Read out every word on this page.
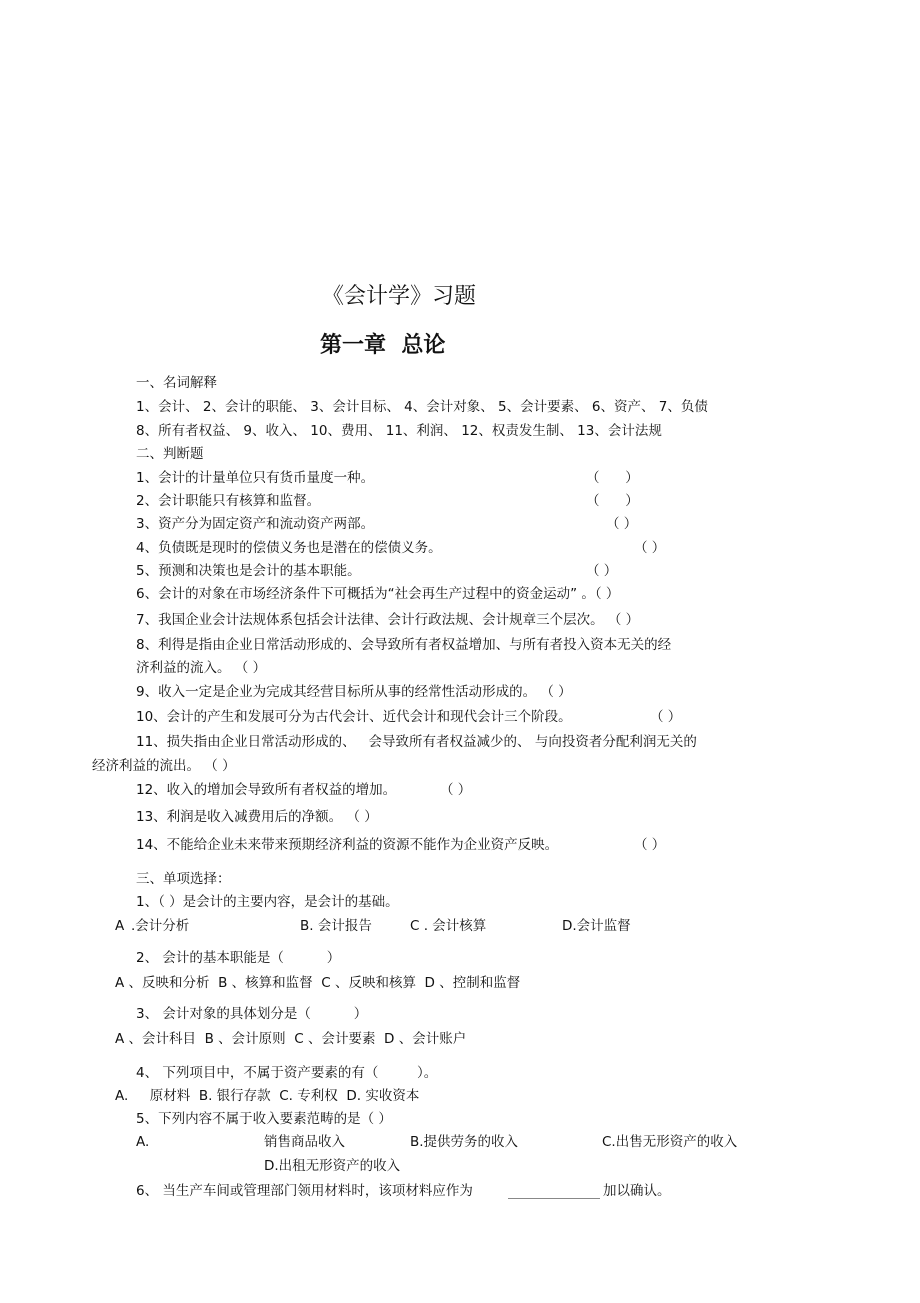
《会计学》习题
第一章  总论
一、名词解释
1、会计、 2、会计的职能、 3、会计目标、 4、会计对象、 5、会计要素、 6、资产、 7、负债
8、所有者权益、 9、收入、 10、费用、 11、利润、 12、权责发生制、 13、会计法规
二、判断题
1、会计的计量单位只有货币量度一种。	（      ）
2、会计职能只有核算和监督。	（      ）
3、资产分为固定资产和流动资产两部。	（ ）
4、负债既是现时的偿债义务也是潜在的偿债义务。	（ ）
5、预测和决策也是会计的基本职能。	（ ）
6、会计的对象在市场经济条件下可概括为“社会再生产过程中的资金运动” 。（ ）
7、我国企业会计法规体系包括会计法律、会计行政法规、会计规章三个层次。 （ ）
8、利得是指由企业日常活动形成的、会导致所有者权益增加、与所有者投入资本无关的经
济利益的流入。 （ ）
9、收入一定是企业为完成其经营目标所从事的经常性活动形成的。 （ ）
10、会计的产生和发展可分为古代会计、近代会计和现代会计三个阶段。	（ ）
11、损失指由企业日常活动形成的、   会导致所有者权益减少的、 与向投资者分配利润无关的
经济利益的流出。 （ ）
12、收入的增加会导致所有者权益的增加。	（ ）
13、利润是收入减费用后的净额。 （ ）
14、不能给企业未来带来预期经济利益的资源不能作为企业资产反映。	（ ）
三、单项选择：
1、（ ）是会计的主要内容，是会计的基础。
A .会计分析	B. 会计报告	C . 会计核算	D.会计监督
2、 会计的基本职能是（          ）
A 、反映和分析  B 、核算和监督  C 、反映和核算  D 、控制和监督
3、 会计对象的具体划分是（          ）
A 、会计科目  B 、会计原则  C 、会计要素  D 、会计账户
4、 下列项目中，不属于资产要素的有（         ）。
A.     原材料  B. 银行存款  C. 专利权  D. 实收资本
5、下列内容不属于收入要素范畴的是（ ）
A.	销售商品收入	B.提供劳务的收入	C.出售无形资产的收入
D.出租无形资产的收入
6、 当生产车间或管理部门领用材料时，该项材料应作为	加以确认。
